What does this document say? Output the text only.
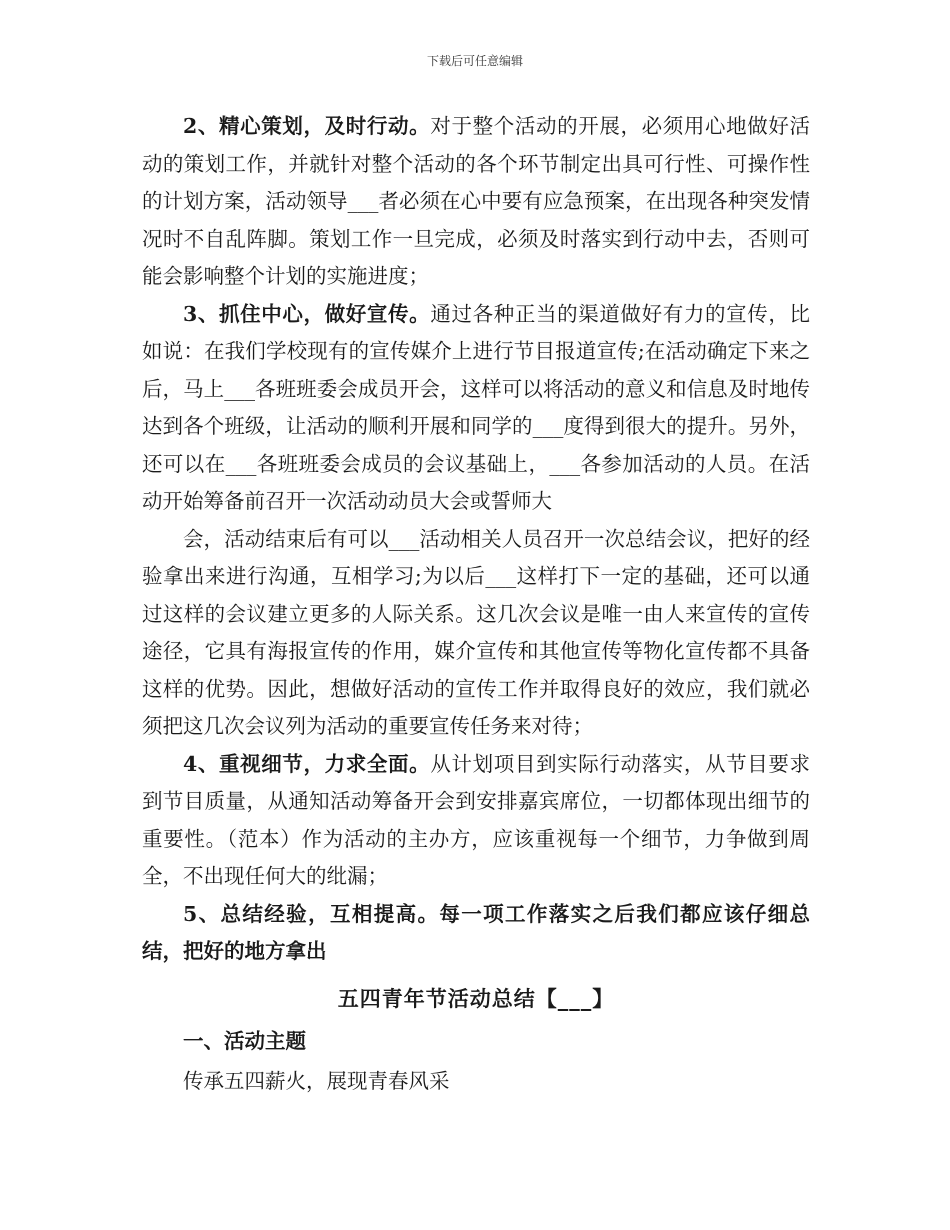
下载后可任意编辑

2、精心策划，及时行动。对于整个活动的开展，必须用心地做好活动的策划工作，并就针对整个活动的各个环节制定出具可行性、可操作性的计划方案，活动领导___者必须在心中要有应急预案，在出现各种突发情况时不自乱阵脚。策划工作一旦完成，必须及时落实到行动中去，否则可能会影响整个计划的实施进度；

3、抓住中心，做好宣传。通过各种正当的渠道做好有力的宣传，比如说：在我们学校现有的宣传媒介上进行节目报道宣传;在活动确定下来之后，马上___各班班委会成员开会，这样可以将活动的意义和信息及时地传达到各个班级，让活动的顺利开展和同学的___度得到很大的提升。另外，还可以在___各班班委会成员的会议基础上，___各参加活动的人员。在活动开始筹备前召开一次活动动员大会或誓师大

会，活动结束后有可以___活动相关人员召开一次总结会议，把好的经验拿出来进行沟通，互相学习;为以后___这样打下一定的基础，还可以通过这样的会议建立更多的人际关系。这几次会议是唯一由人来宣传的宣传途径，它具有海报宣传的作用，媒介宣传和其他宣传等物化宣传都不具备这样的优势。因此，想做好活动的宣传工作并取得良好的效应，我们就必须把这几次会议列为活动的重要宣传任务来对待；

4、重视细节，力求全面。从计划项目到实际行动落实，从节目要求到节目质量，从通知活动筹备开会到安排嘉宾席位，一切都体现出细节的重要性。（范本）作为活动的主办方，应该重视每一个细节，力争做到周全，不出现任何大的纰漏；

5、总结经验，互相提高。每一项工作落实之后我们都应该仔细总结，把好的地方拿出

五四青年节活动总结【___】

一、活动主题

传承五四薪火，展现青春风采
